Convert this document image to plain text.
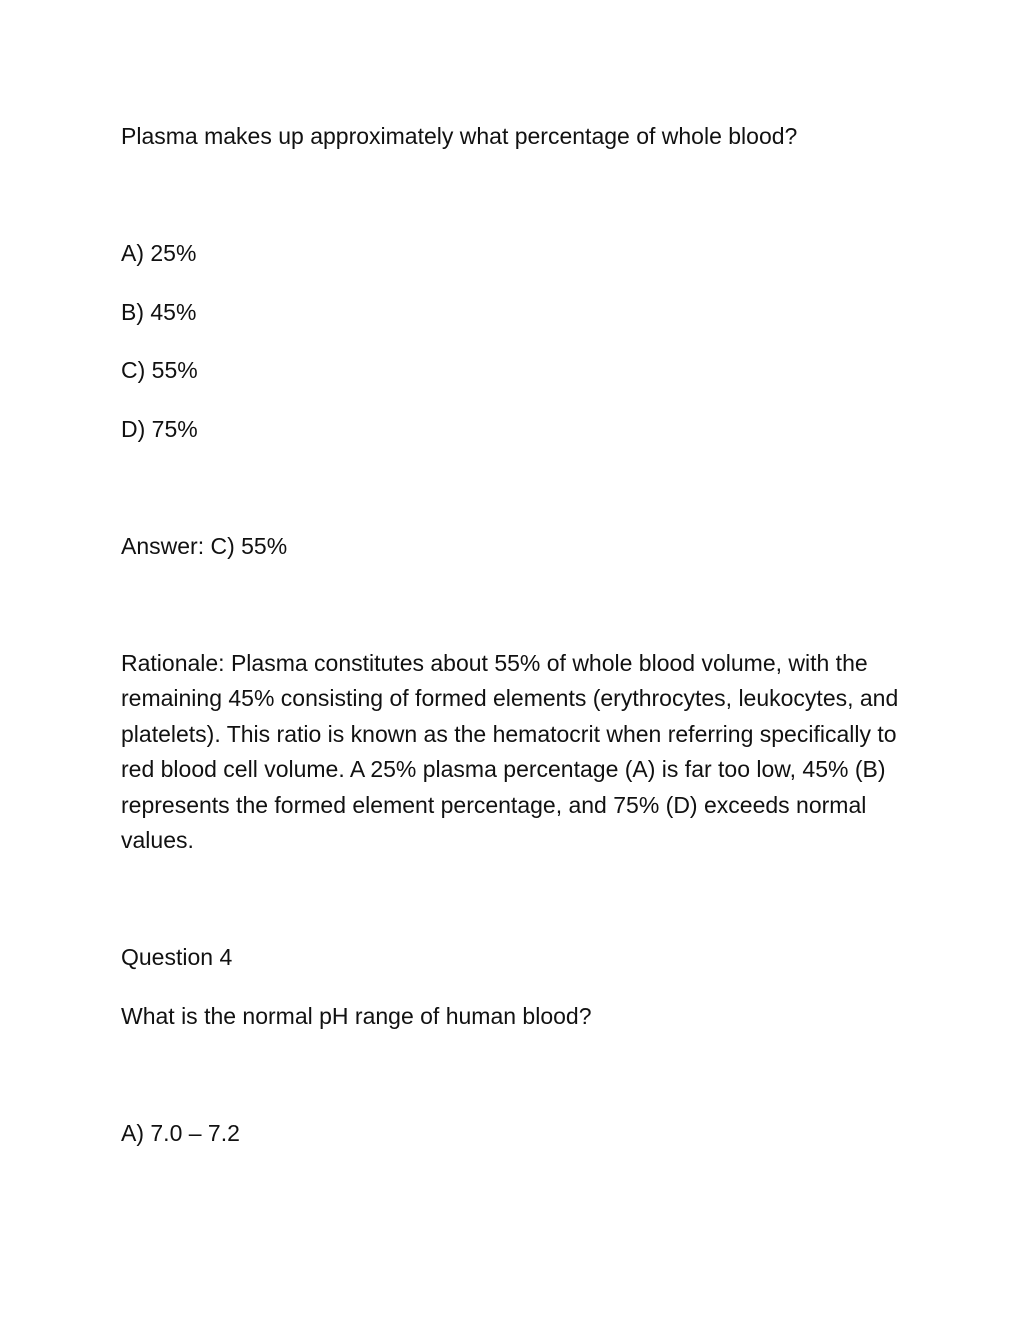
Plasma makes up approximately what percentage of whole blood?

A) 25%

B) 45%

C) 55%

D) 75%

Answer: C) 55%

Rationale: Plasma constitutes about 55% of whole blood volume, with the remaining 45% consisting of formed elements (erythrocytes, leukocytes, and platelets). This ratio is known as the hematocrit when referring specifically to red blood cell volume. A 25% plasma percentage (A) is far too low, 45% (B) represents the formed element percentage, and 75% (D) exceeds normal values.

Question 4

What is the normal pH range of human blood?

A) 7.0 – 7.2
